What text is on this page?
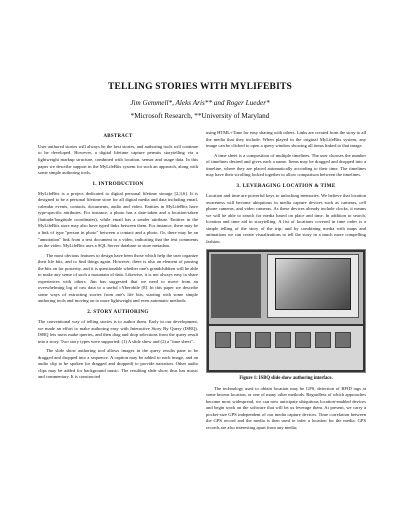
TELLING STORIES WITH MYLIFEBITS
Jim Gemmell*, Aleks Aris** and Roger Lueder*
*Microsoft Research, **University of Maryland
ABSTRACT

User authored stories will always be the best stories, and authoring tools will continue to be developed. However, a digital lifetime capture permits storytelling via a lightweight markup structure, combined with location, sensor and usage data. In this paper we describe support in the MyLifeBits system for such an approach, along with some simple authoring tools.

1. INTRODUCTION

MyLifeBits is a project dedicated to digital personal lifetime storage [2,3,6]. It is designed to be a personal lifetime store for all digital media and data including email, calendar events, contacts, documents, audio and video. Entities in MyLifeBits have type-specific attributes. For instance, a photo has a date-taken and a location-taken (latitude/longitude coordinates), while email has a sender attribute. Entities in the MyLifeBits store may also have typed links between them. For instance, there may be a link of type "person in photo" between a contact and a photo. Or, there may be an "annotation" link from a text document to a video, indicating that the text comments on the video. MyLifeBits uses a SQL Server database to store metadata.

The most obvious features to design have been those which help the user organize their life bits, and to find things again. However, there is also an element of passing the bits on for posterity, and it is questionable whether one's grandchildren will be able to make any sense of such a mountain of data. Likewise, it is not always easy to share experiences with others. Jim has suggested that we need to move from an overwhelming log of raw data to a useful cYberobile [8]. In this paper we describe some ways of extracting stories from one's life bits, starting with some simple authoring tools and moving on to more lightweight and even automatic methods.

2. STORY AUTHORING

The conventional way of telling stories is to author them. Early in our development, we made an effort to make authoring easy with Interactive Story By Query (ISBQ). ISBQ lets users make queries, and then drag and drop selections from the query result into a story. Two story types were supported: (1) A slide show and (2) a "time sheet".

The slide show authoring tool allows images in the query results pane to be dragged and dropped into a sequence. A caption may be added to each image, and an audio clip to be spoken (or dragged and dropped) to provide narration. Other audio clips may be added for background music. The resulting slide show thus has music and commentary. It is constructed

using HTML+Time for easy sharing with others. Links are created from the story to all the media that they include. When played in the original MyLifeBits system, any image can be clicked to open a query window showing all items linked to that image.

A time sheet is a composition of multiple timelines. The user chooses the number of timelines desired and gives each a name. Items may be dragged and dropped into a timeline, where they are placed automatically according to their time. The timelines may have their scrolling locked together to allow comparison between the timelines.

3. LEVERAGING LOCATION & TIME

Location and time are powerful keys to unlocking memories. We believe that location awareness will become ubiquitous in media capture devices such as cameras, cell phone cameras, and video cameras. As these devices already include clocks, it means we will be able to search for media based on place and time. In addition to search, location and time aid in storytelling. A list of locations covered in time order is a simple telling of the story of the trip, and by combining media with maps and animations we can create visualizations to tell the story in a much more compelling fashion.

Figure 1: ISBQ slide show authoring interface.

The technology used to obtain location may be GPS, detection of RFID tags at some known location, or one of many other methods. Regardless of which approaches become most widespread, we can now anticipate ubiquitous location-enabled devices and begin work on the software that will let us leverage them. At present, we carry a pocket-size GPS independent of our media capture devices. Time correlation between the GPS record and the media is then used to infer a location for the media. GPS records are also interesting apart from any media;
